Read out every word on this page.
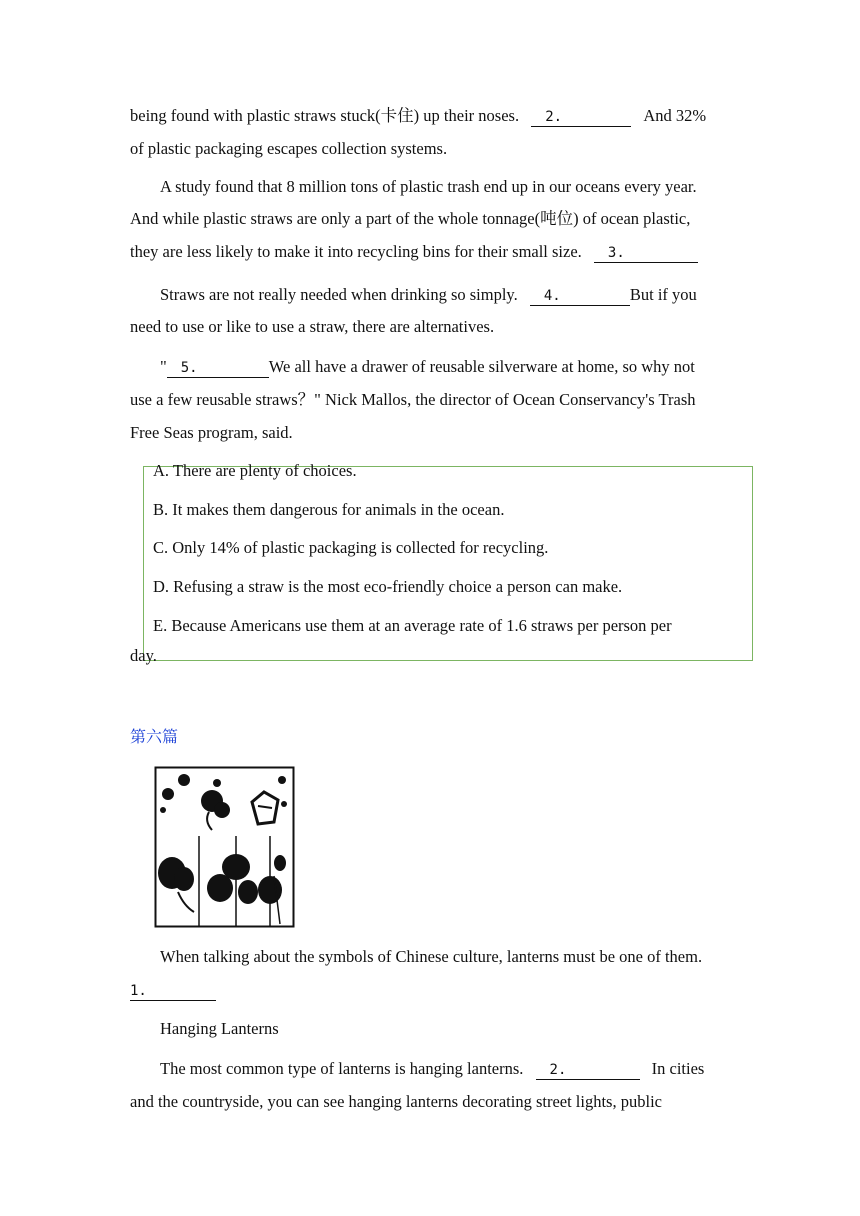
being found with plastic straws stuck(卡住) up their noses. 2.	And 32%
of plastic packaging escapes collection systems.
A study found that 8 million tons of plastic trash end up in our oceans every year.
And while plastic straws are only a part of the whole tonnage(吨位) of ocean plastic,
they are less likely to make it into recycling bins for their small size. 3.
Straws are not really needed when drinking so simply. 4.	But if you
need to use or like to use a straw, there are alternatives.
" 5.	We all have a drawer of reusable silverware at home, so why not
use a few reusable straws？" Nick Mallos, the director of Ocean Conservancy's Trash
Free Seas program, said.
A. There are plenty of choices.
B. It makes them dangerous for animals in the ocean.
C. Only 14% of plastic packaging is collected for recycling.
D. Refusing a straw is the most eco-friendly choice a person can make.
E. Because Americans use them at an average rate of 1.6 straws per person per
day.
第六篇
When talking about the symbols of Chinese culture, lanterns must be one of them.
1.
Hanging Lanterns
The most common type of lanterns is hanging lanterns. 2.	In cities
and the countryside, you can see hanging lanterns decorating street lights, public
